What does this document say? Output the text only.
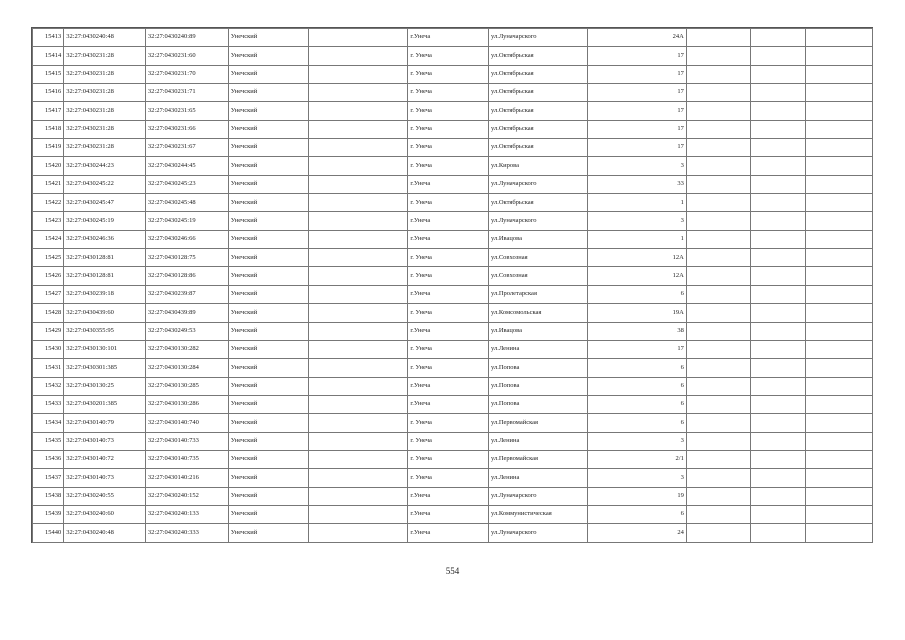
15413	32:27:0430240:48	32:27:0430240:89	Унечский		г.Унеча	ул.Луначарского	24А			
15414	32:27:0430231:28	32:27:0430231:60	Унечский		г. Унеча	ул.Октябрьская	17			
15415	32:27:0430231:28	32:27:0430231:70	Унечский		г. Унеча	ул.Октябрьская	17			
15416	32:27:0430231:28	32:27:0430231:71	Унечский		г. Унеча	ул.Октябрьская	17			
15417	32:27:0430231:28	32:27:0430231:65	Унечский		г. Унеча	ул.Октябрьская	17			
15418	32:27:0430231:28	32:27:0430231:66	Унечский		г. Унеча	ул.Октябрьская	17			
15419	32:27:0430231:28	32:27:0430231:67	Унечский		г. Унеча	ул.Октябрьская	17			
15420	32:27:0430244:23	32:27:0430244:45	Унечский		г. Унеча	ул.Кирова	3			
15421	32:27:0430245:22	32:27:0430245:23	Унечский		г.Унеча	ул.Луначарского	33			
15422	32:27:0430245:47	32:27:0430245:48	Унечский		г. Унеча	ул.Октябрьская	1			
15423	32:27:0430245:19	32:27:0430245:19	Унечский		г.Унеча	ул.Луначарского	3			
15424	32:27:0430246:36	32:27:0430246:66	Унечский		г.Унеча	ул.Ивацова	1			
15425	32:27:0430128:81	32:27:0430128:75	Унечский		г. Унеча	ул.Совхозная	12А			
15426	32:27:0430128:81	32:27:0430128:86	Унечский		г. Унеча	ул.Совхозная	12А			
15427	32:27:0430239:18	32:27:0430239:87	Унечский		г.Унеча	ул.Пролетарская	6			
15428	32:27:0430439:60	32:27:0430439:89	Унечский		г. Унеча	ул.Комсомольская	19А			
15429	32:27:0430355:95	32:27:0430249:53	Унечский		г.Унеча	ул.Ивацова	38			
15430	32:27:0430130:101	32:27:0430130:282	Унечский		г. Унеча	ул.Ленина	17			
15431	32:27:0430301:385	32:27:0430130:284	Унечский		г. Унеча	ул.Попова	6			
15432	32:27:0430130:25	32:27:0430130:285	Унечский		г.Унеча	ул.Попова	6			
15433	32:27:0430201:385	32:27:0430130:286	Унечский		г.Унеча	ул.Попова	6			
15434	32:27:0430140:79	32:27:0430140:740	Унечский		г. Унеча	ул.Первомайская	6			
15435	32:27:0430140:73	32:27:0430140:733	Унечский		г. Унеча	ул.Ленина	3			
15436	32:27:0430140:72	32:27:0430140:735	Унечский		г. Унеча	ул.Первомайская	2/1			
15437	32:27:0430140:73	32:27:0430140:216	Унечский		г. Унеча	ул.Ленина	3			
15438	32:27:0430240:55	32:27:0430240:152	Унечский		г.Унеча	ул.Луначарского	19			
15439	32:27:0430240:60	32:27:0430240:133	Унечский		г.Унеча	ул.Коммунистическая	6			
15440	32:27:0430240:48	32:27:0430240:333	Унечский		г.Унеча	ул.Луначарского	24			
554
